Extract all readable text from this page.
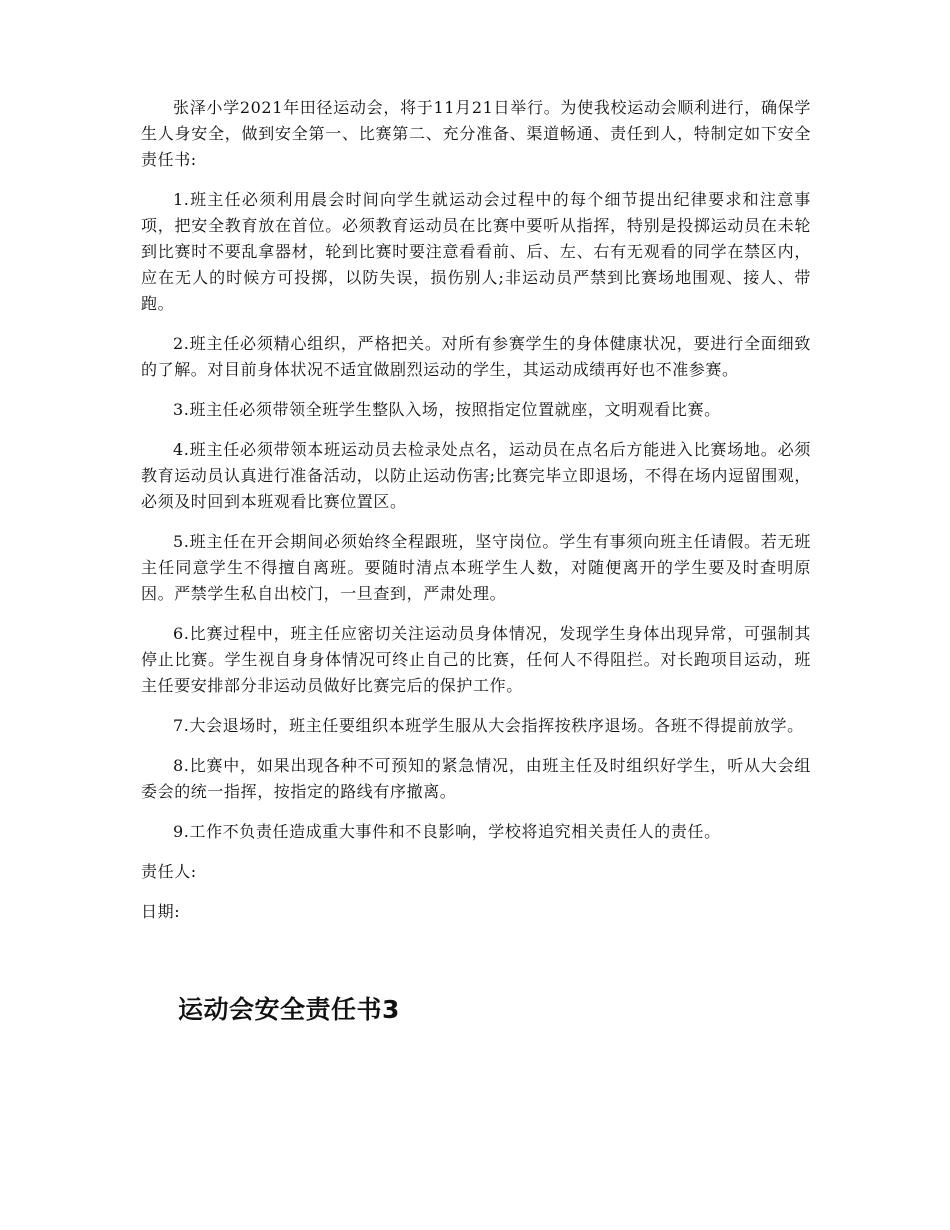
张泽小学2021年田径运动会，将于11月21日举行。为使我校运动会顺利进行，确保学生人身安全，做到安全第一、比赛第二、充分准备、渠道畅通、责任到人，特制定如下安全责任书:

1.班主任必须利用晨会时间向学生就运动会过程中的每个细节提出纪律要求和注意事项，把安全教育放在首位。必须教育运动员在比赛中要听从指挥，特别是投掷运动员在未轮到比赛时不要乱拿器材，轮到比赛时要注意看看前、后、左、右有无观看的同学在禁区内，应在无人的时候方可投掷，以防失误，损伤别人;非运动员严禁到比赛场地围观、接人、带跑。

2.班主任必须精心组织，严格把关。对所有参赛学生的身体健康状况，要进行全面细致的了解。对目前身体状况不适宜做剧烈运动的学生，其运动成绩再好也不准参赛。

3.班主任必须带领全班学生整队入场，按照指定位置就座，文明观看比赛。

4.班主任必须带领本班运动员去检录处点名，运动员在点名后方能进入比赛场地。必须教育运动员认真进行准备活动，以防止运动伤害;比赛完毕立即退场，不得在场内逗留围观，必须及时回到本班观看比赛位置区。

5.班主任在开会期间必须始终全程跟班，坚守岗位。学生有事须向班主任请假。若无班主任同意学生不得擅自离班。要随时清点本班学生人数，对随便离开的学生要及时查明原因。严禁学生私自出校门，一旦查到，严肃处理。

6.比赛过程中，班主任应密切关注运动员身体情况，发现学生身体出现异常，可强制其停止比赛。学生视自身身体情况可终止自己的比赛，任何人不得阻拦。对长跑项目运动，班主任要安排部分非运动员做好比赛完后的保护工作。

7.大会退场时，班主任要组织本班学生服从大会指挥按秩序退场。各班不得提前放学。

8.比赛中，如果出现各种不可预知的紧急情况，由班主任及时组织好学生，听从大会组委会的统一指挥，按指定的路线有序撤离。

9.工作不负责任造成重大事件和不良影响，学校将追究相关责任人的责任。

责任人:

日期:

运动会安全责任书3
